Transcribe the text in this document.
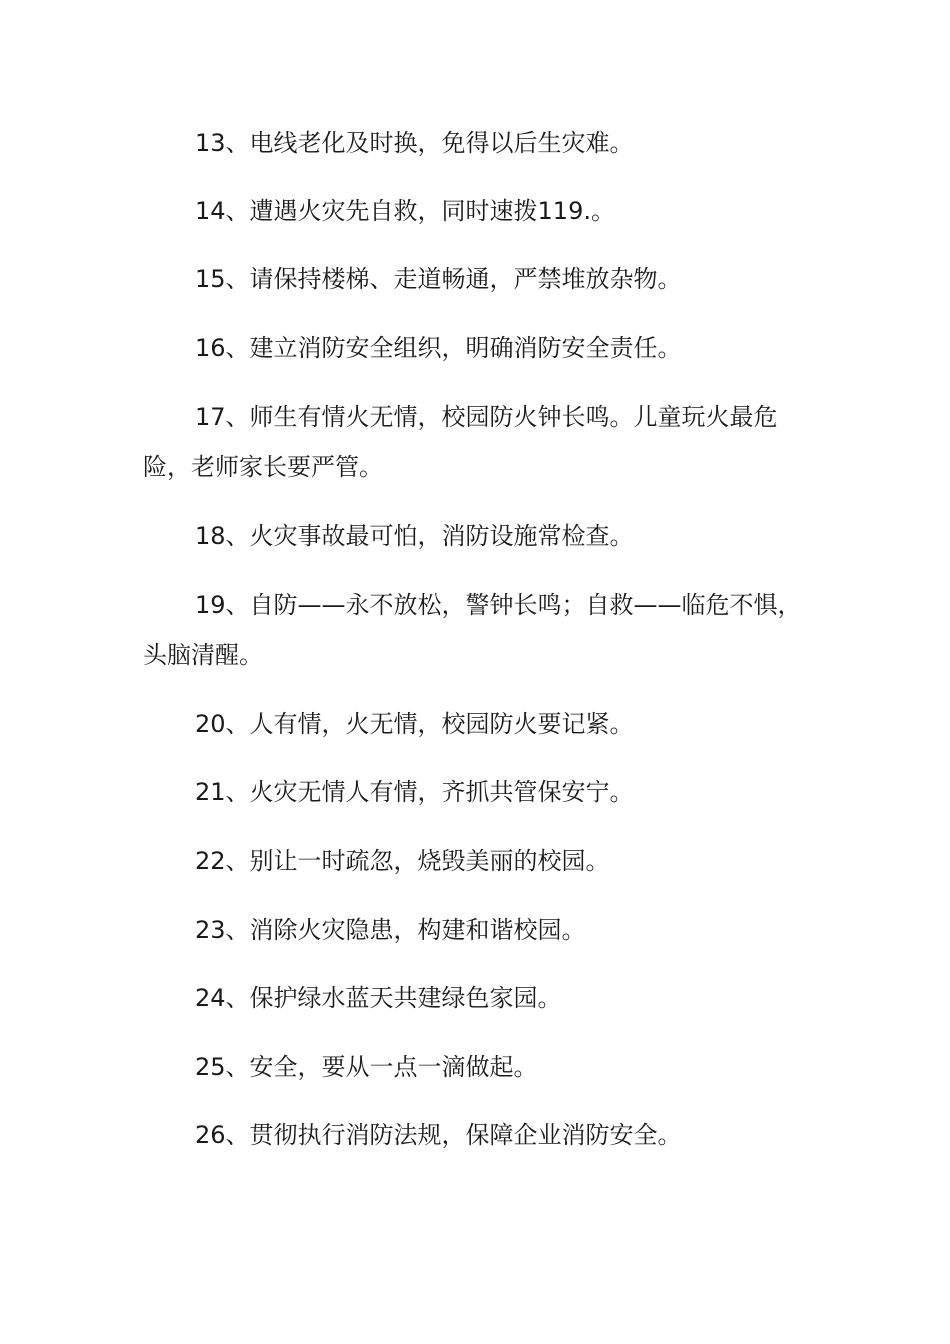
13、电线老化及时换，免得以后生灾难。

14、遭遇火灾先自救，同时速拨119.。

15、请保持楼梯、走道畅通，严禁堆放杂物。

16、建立消防安全组织，明确消防安全责任。

17、师生有情火无情，校园防火钟长鸣。儿童玩火最危险，老师家长要严管。

18、火灾事故最可怕，消防设施常检查。

19、自防——永不放松，警钟长鸣；自救——临危不惧，头脑清醒。

20、人有情，火无情，校园防火要记紧。

21、火灾无情人有情，齐抓共管保安宁。

22、别让一时疏忽，烧毁美丽的校园。

23、消除火灾隐患，构建和谐校园。

24、保护绿水蓝天共建绿色家园。

25、安全，要从一点一滴做起。

26、贯彻执行消防法规，保障企业消防安全。
